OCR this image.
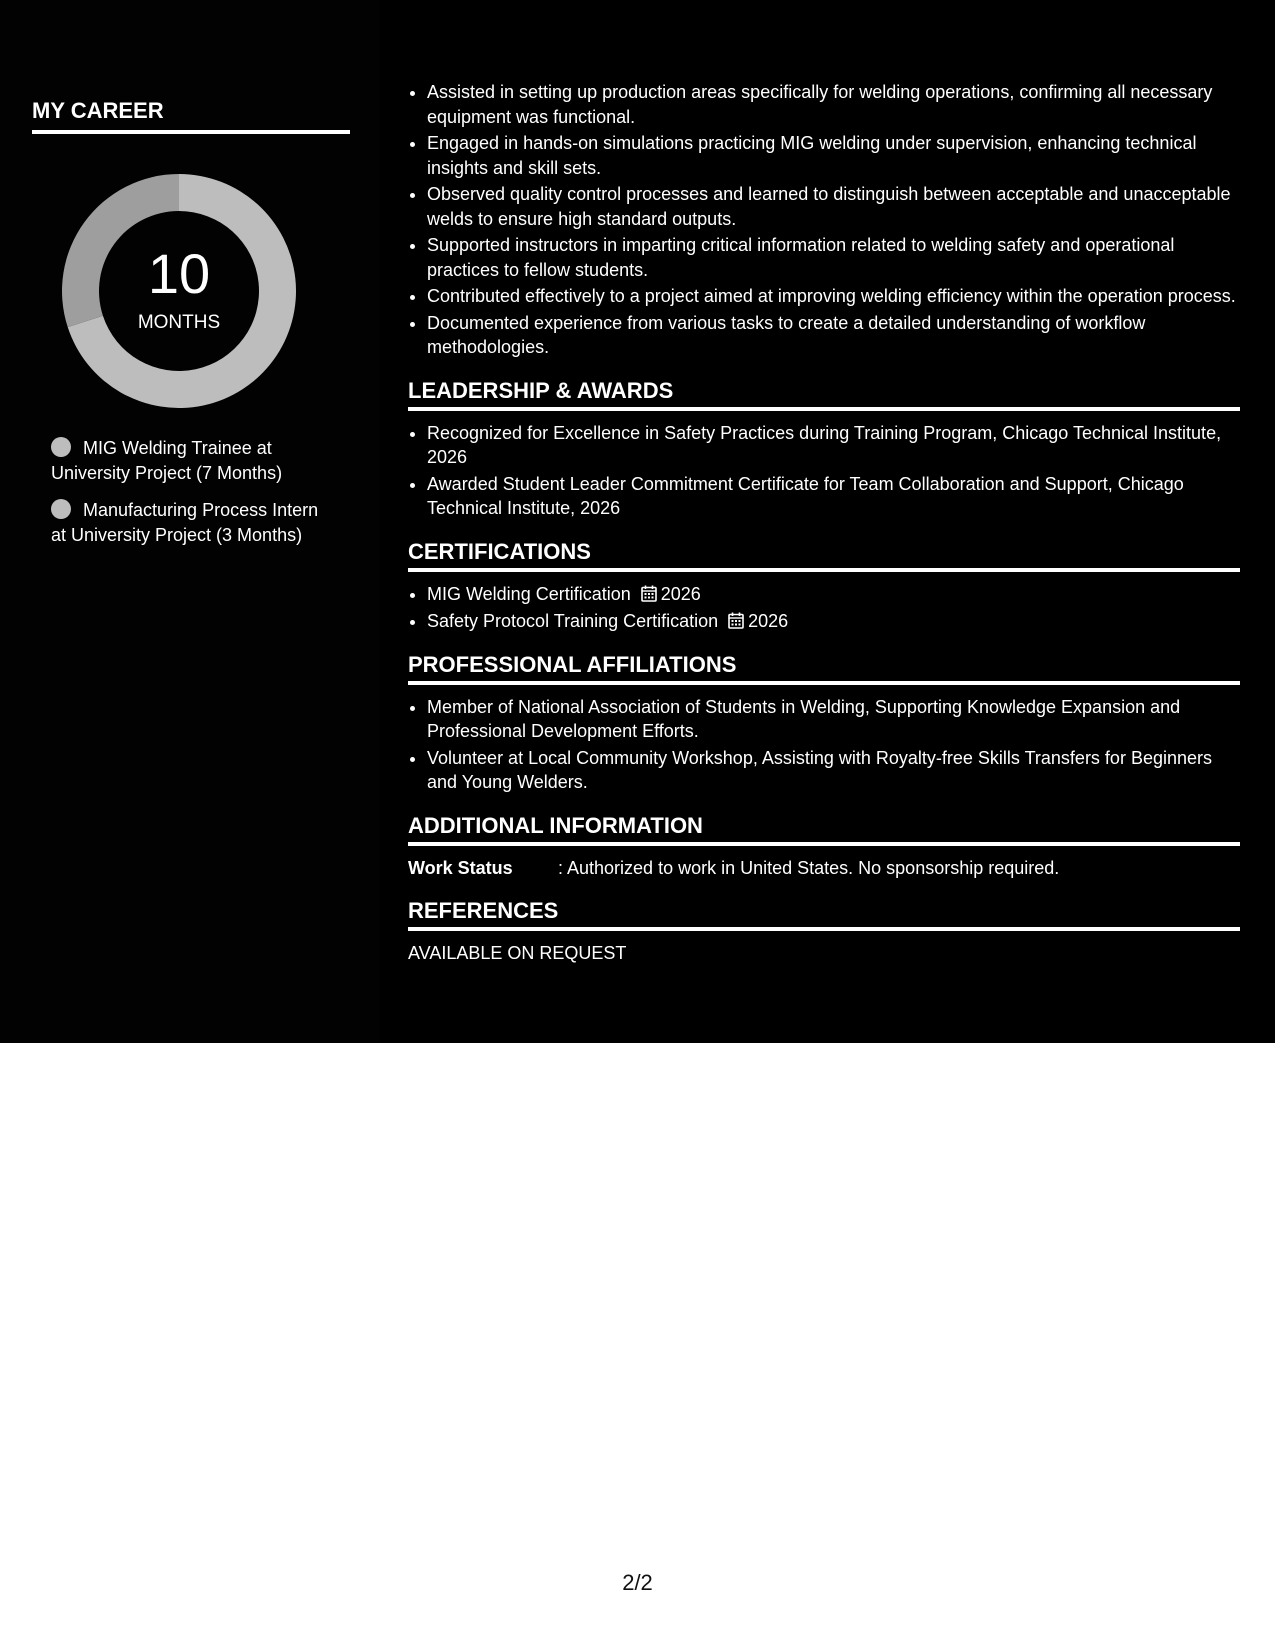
MY CAREER
10
MONTHS
MIG Welding Trainee at University Project (7 Months)
Manufacturing Process Intern at University Project (3 Months)
• Assisted in setting up production areas specifically for welding operations, confirming all necessary equipment was functional.
• Engaged in hands-on simulations practicing MIG welding under supervision, enhancing technical insights and skill sets.
• Observed quality control processes and learned to distinguish between acceptable and unacceptable welds to ensure high standard outputs.
• Supported instructors in imparting critical information related to welding safety and operational practices to fellow students.
• Contributed effectively to a project aimed at improving welding efficiency within the operation process.
• Documented experience from various tasks to create a detailed understanding of workflow methodologies.
LEADERSHIP & AWARDS
• Recognized for Excellence in Safety Practices during Training Program, Chicago Technical Institute, 2026
• Awarded Student Leader Commitment Certificate for Team Collaboration and Support, Chicago Technical Institute, 2026
CERTIFICATIONS
• MIG Welding Certification 2026
• Safety Protocol Training Certification 2026
PROFESSIONAL AFFILIATIONS
• Member of National Association of Students in Welding, Supporting Knowledge Expansion and Professional Development Efforts.
• Volunteer at Local Community Workshop, Assisting with Royalty-free Skills Transfers for Beginners and Young Welders.
ADDITIONAL INFORMATION
Work Status	: Authorized to work in United States. No sponsorship required.
REFERENCES
AVAILABLE ON REQUEST
2/2
